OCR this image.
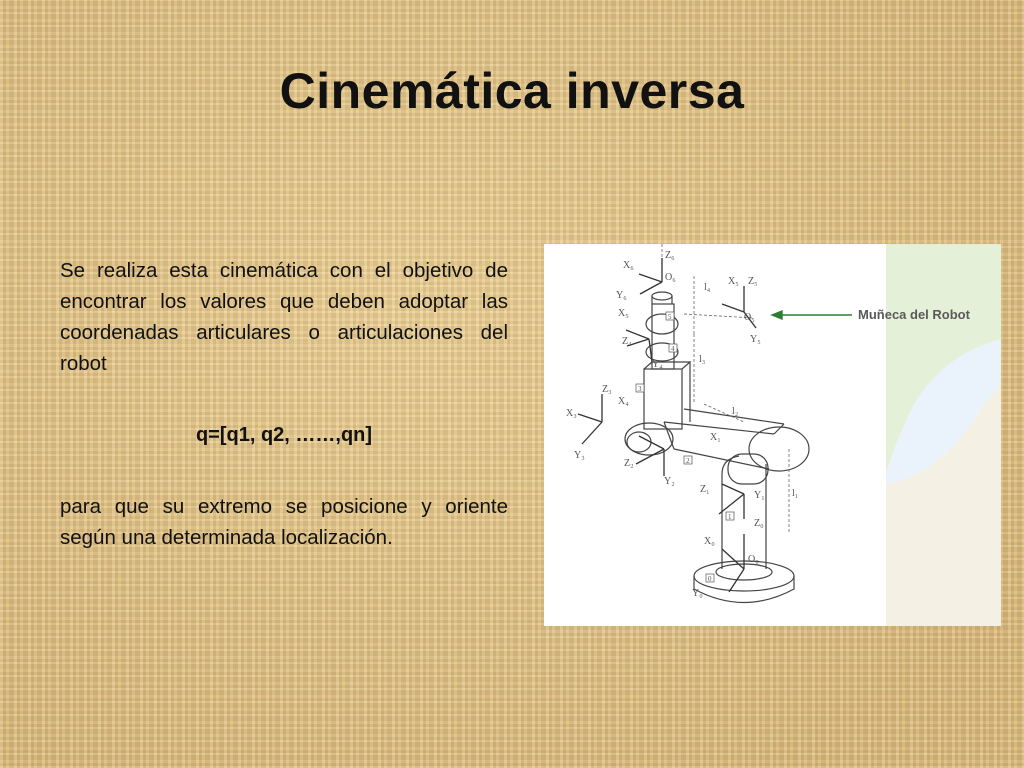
Cinemática inversa

Se realiza esta cinemática con el objetivo de encontrar los valores que deben adoptar las coordenadas articulares o articulaciones del robot

q=[q1, q2, ……,qn]

para que su extremo se posicione y oriente según una determinada localización.

Muñeca del Robot
X₆
Z₆
Y₆
O₆
X₅
Z₄
l₄
X₅ Z₅
O₅
Y₅
Y₄	l₃
l₂
Z₃
X₃
Y₃
X₄
Z₂
Y₂
X₁
Z₁
Y₁	l₁
Z₀
X₀
O₀
Y₀
5
4
3
2
1
0
